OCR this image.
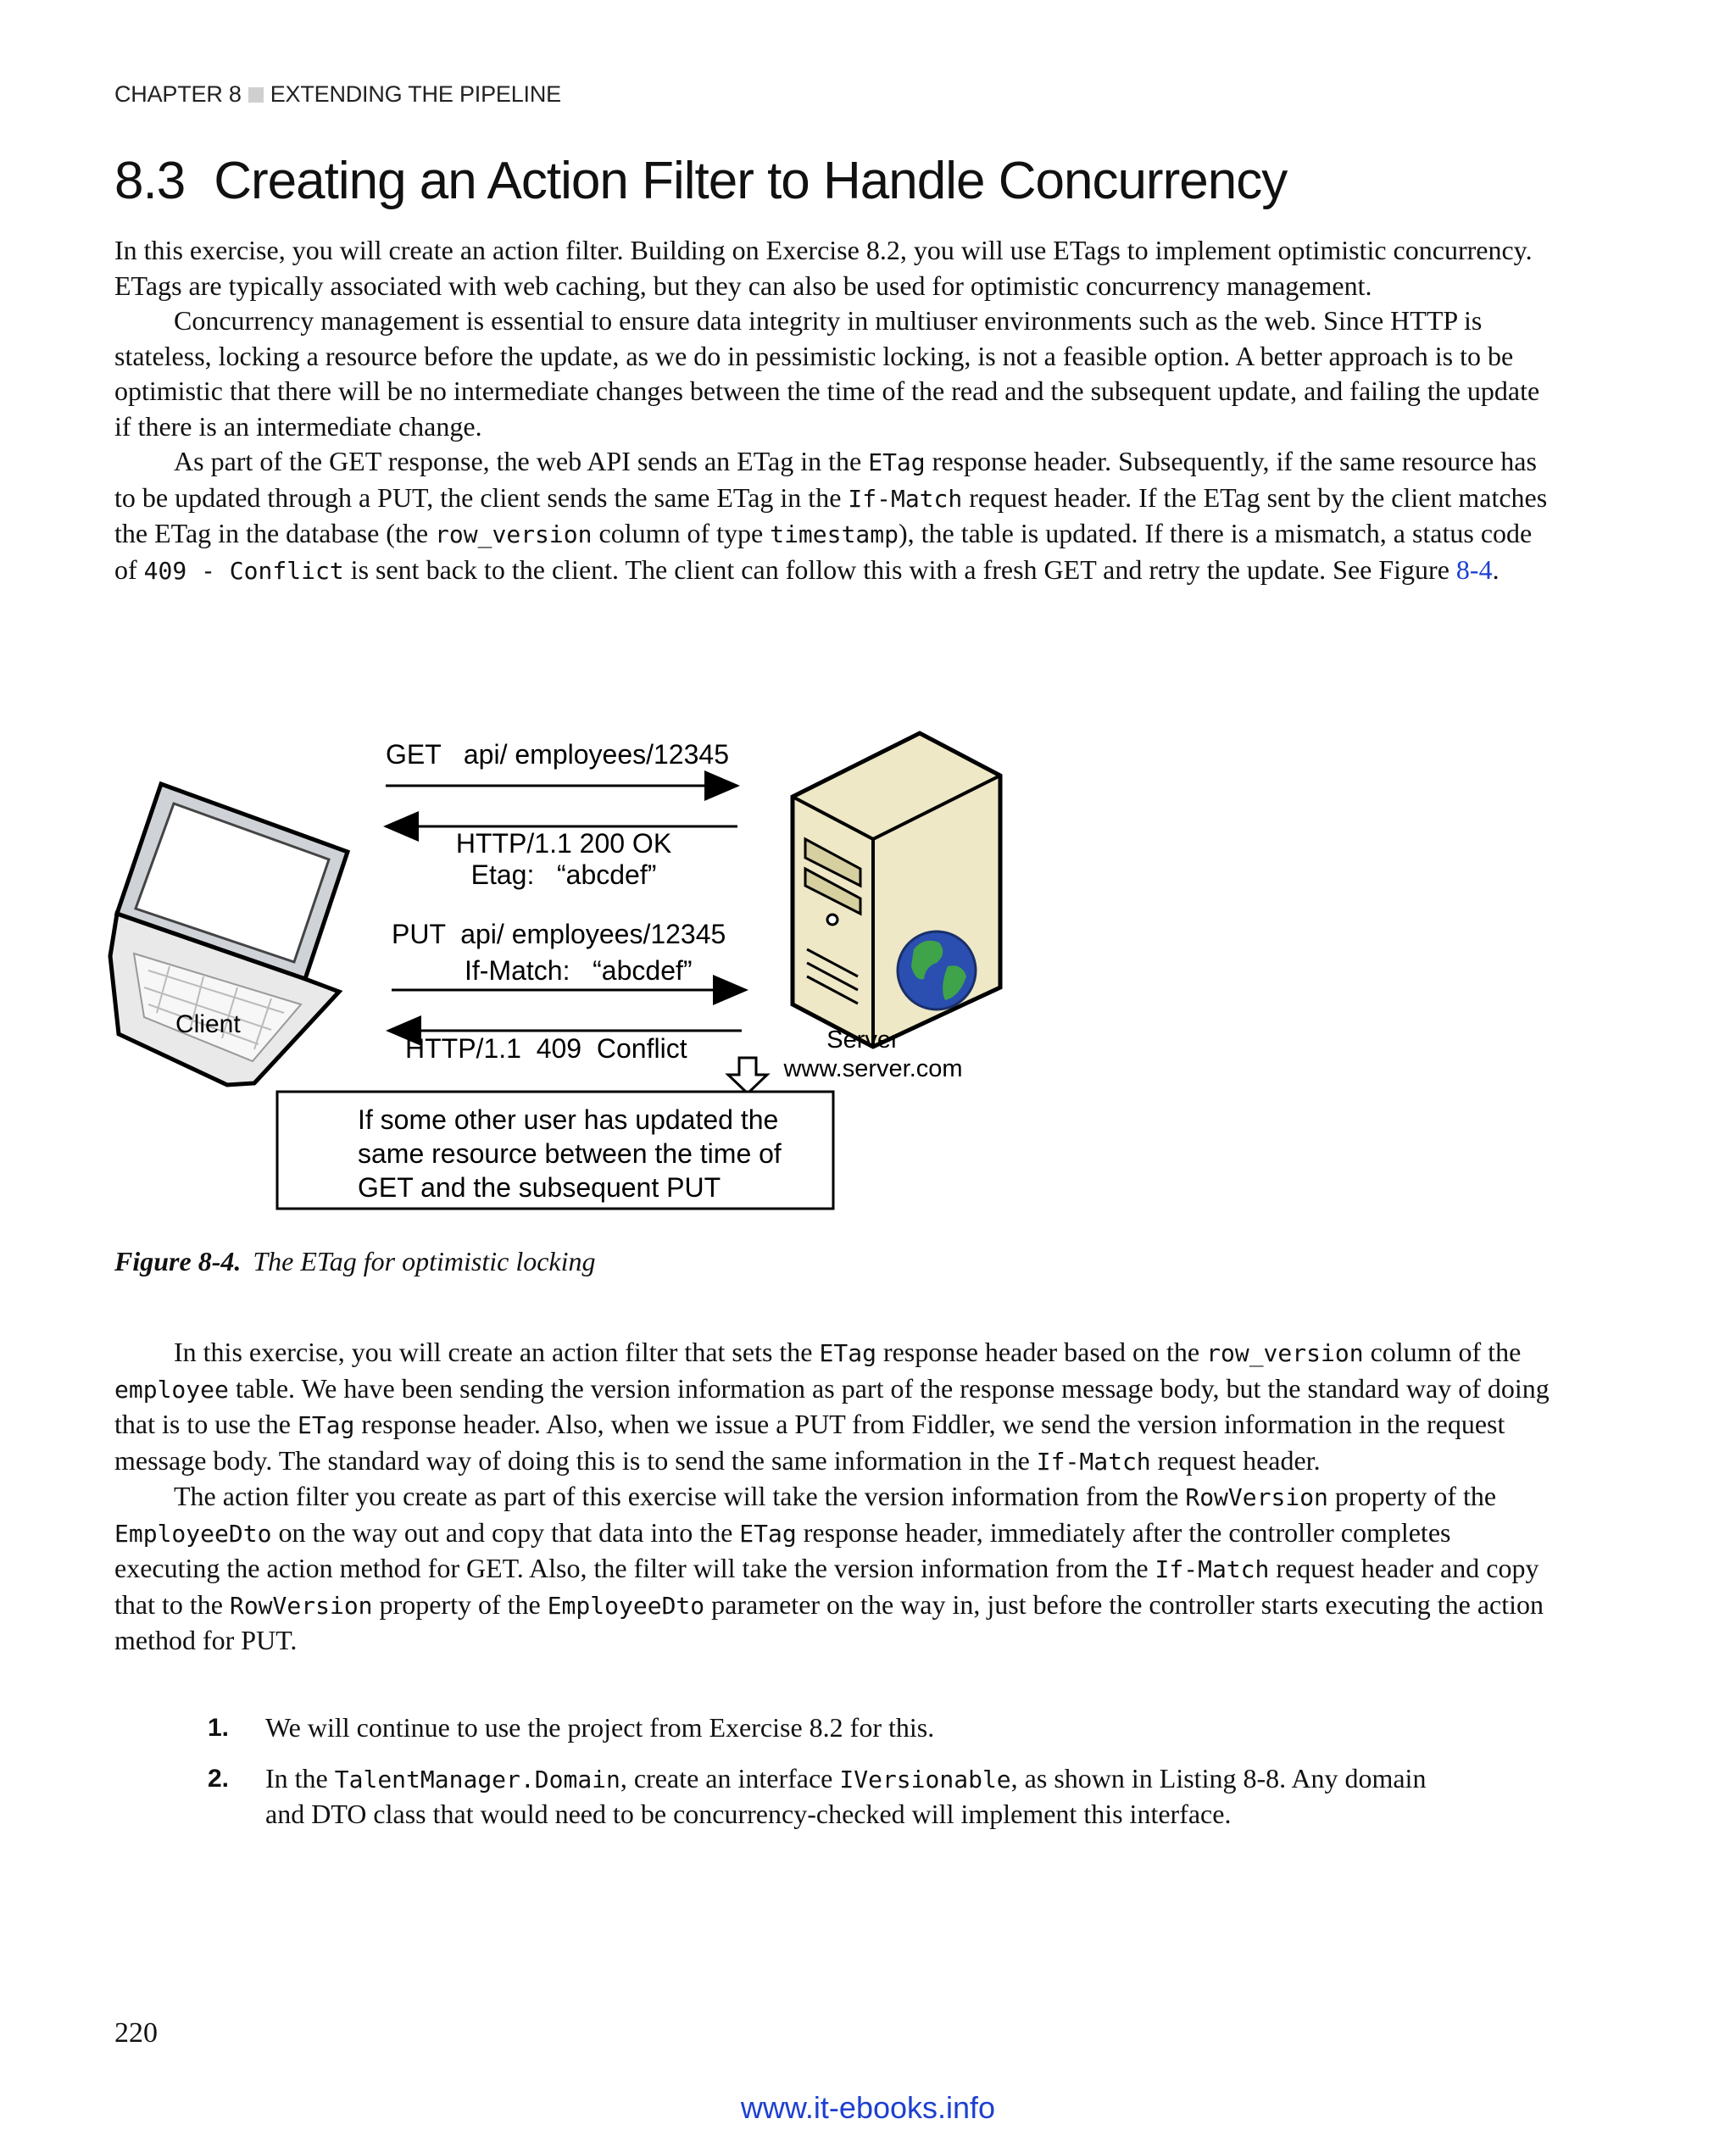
CHAPTER 8 EXTENDING THE PIPELINE
8.3 Creating an Action Filter to Handle Concurrency

In this exercise, you will create an action filter. Building on Exercise 8.2, you will use ETags to implement optimistic concurrency. ETags are typically associated with web caching, but they can also be used for optimistic concurrency management.

Concurrency management is essential to ensure data integrity in multiuser environments such as the web. Since HTTP is stateless, locking a resource before the update, as we do in pessimistic locking, is not a feasible option. A better approach is to be optimistic that there will be no intermediate changes between the time of the read and the subsequent update, and failing the update if there is an intermediate change.

As part of the GET response, the web API sends an ETag in the ETag response header. Subsequently, if the same resource has to be updated through a PUT, the client sends the same ETag in the If-Match request header. If the ETag sent by the client matches the ETag in the database (the row_version column of type timestamp), the table is updated. If there is a mismatch, a status code of 409 - Conflict is sent back to the client. The client can follow this with a fresh GET and retry the update. See Figure 8-4.

GET   api/ employees/12345
HTTP/1.1 200 OK
Etag:   “abcdef”
PUT  api/ employees/12345
If-Match:   “abcdef”
HTTP/1.1  409  Conflict
Client
Server
www.server.com
If some other user has updated the
same resource between the time of
GET and the subsequent PUT
Figure 8-4. The ETag for optimistic locking

In this exercise, you will create an action filter that sets the ETag response header based on the row_version column of the employee table. We have been sending the version information as part of the response message body, but the standard way of doing that is to use the ETag response header. Also, when we issue a PUT from Fiddler, we send the version information in the request message body. The standard way of doing this is to send the same information in the If-Match request header.

The action filter you create as part of this exercise will take the version information from the RowVersion property of the EmployeeDto on the way out and copy that data into the ETag response header, immediately after the controller completes executing the action method for GET. Also, the filter will take the version information from the If-Match request header and copy that to the RowVersion property of the EmployeeDto parameter on the way in, just before the controller starts executing the action method for PUT.

1. We will continue to use the project from Exercise 8.2 for this.

2. In the TalentManager.Domain, create an interface IVersionable, as shown in Listing 8-8. Any domain and DTO class that would need to be concurrency-checked will implement this interface.

220
www.it-ebooks.info
